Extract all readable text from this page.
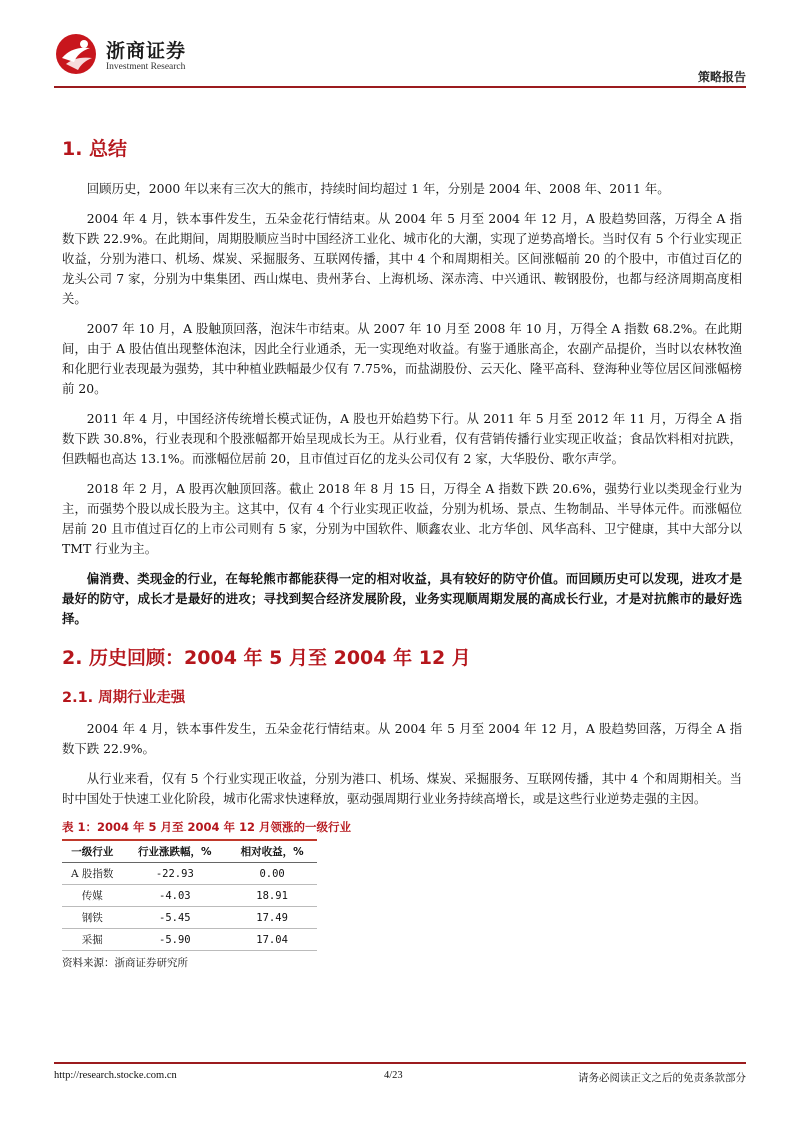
浙商证券
Investment Research
策略报告
1. 总结

回顾历史，2000 年以来有三次大的熊市，持续时间均超过 1 年，分别是 2004 年、2008 年、2011 年。

2004 年 4 月，铁本事件发生，五朵金花行情结束。从 2004 年 5 月至 2004 年 12 月，A 股趋势回落，万得全 A 指数下跌 22.9%。在此期间，周期股顺应当时中国经济工业化、城市化的大潮，实现了逆势高增长。当时仅有 5 个行业实现正收益，分别为港口、机场、煤炭、采掘服务、互联网传播，其中 4 个和周期相关。区间涨幅前 20 的个股中，市值过百亿的龙头公司 7 家，分别为中集集团、西山煤电、贵州茅台、上海机场、深赤湾、中兴通讯、鞍钢股份，也都与经济周期高度相关。

2007 年 10 月，A 股触顶回落，泡沫牛市结束。从 2007 年 10 月至 2008 年 10 月，万得全 A 指数 68.2%。在此期间，由于 A 股估值出现整体泡沫，因此全行业通杀，无一实现绝对收益。有鉴于通胀高企，农副产品提价，当时以农林牧渔和化肥行业表现最为强势，其中种植业跌幅最少仅有 7.75%，而盐湖股份、云天化、隆平高科、登海种业等位居区间涨幅榜前 20。

2011 年 4 月，中国经济传统增长模式证伪，A 股也开始趋势下行。从 2011 年 5 月至 2012 年 11 月，万得全 A 指数下跌 30.8%，行业表现和个股涨幅都开始呈现成长为王。从行业看，仅有营销传播行业实现正收益；食品饮料相对抗跌，但跌幅也高达 13.1%。而涨幅位居前 20，且市值过百亿的龙头公司仅有 2 家，大华股份、歌尔声学。

2018 年 2 月，A 股再次触顶回落。截止 2018 年 8 月 15 日，万得全 A 指数下跌 20.6%，强势行业以类现金行业为主，而强势个股以成长股为主。这其中，仅有 4 个行业实现正收益，分别为机场、景点、生物制品、半导体元件。而涨幅位居前 20 且市值过百亿的上市公司则有 5 家，分别为中国软件、顺鑫农业、北方华创、风华高科、卫宁健康，其中大部分以 TMT 行业为主。

偏消费、类现金的行业，在每轮熊市都能获得一定的相对收益，具有较好的防守价值。而回顾历史可以发现，进攻才是最好的防守，成长才是最好的进攻；寻找到契合经济发展阶段，业务实现顺周期发展的高成长行业，才是对抗熊市的最好选择。

2. 历史回顾：2004 年 5 月至 2004 年 12 月
2.1. 周期行业走强

2004 年 4 月，铁本事件发生，五朵金花行情结束。从 2004 年 5 月至 2004 年 12 月，A 股趋势回落，万得全 A 指数下跌 22.9%。

从行业来看，仅有 5 个行业实现正收益，分别为港口、机场、煤炭、采掘服务、互联网传播，其中 4 个和周期相关。当时中国处于快速工业化阶段，城市化需求快速释放，驱动强周期行业业务持续高增长，或是这些行业逆势走强的主因。

表 1：2004 年 5 月至 2004 年 12 月领涨的一级行业
一级行业	行业涨跌幅，%	相对收益，%
A 股指数	-22.93	0.00
传媒	-4.03	18.91
钢铁	-5.45	17.49
采掘	-5.90	17.04
资料来源：浙商证券研究所
http://research.stocke.com.cn	4/23	请务必阅读正文之后的免责条款部分
